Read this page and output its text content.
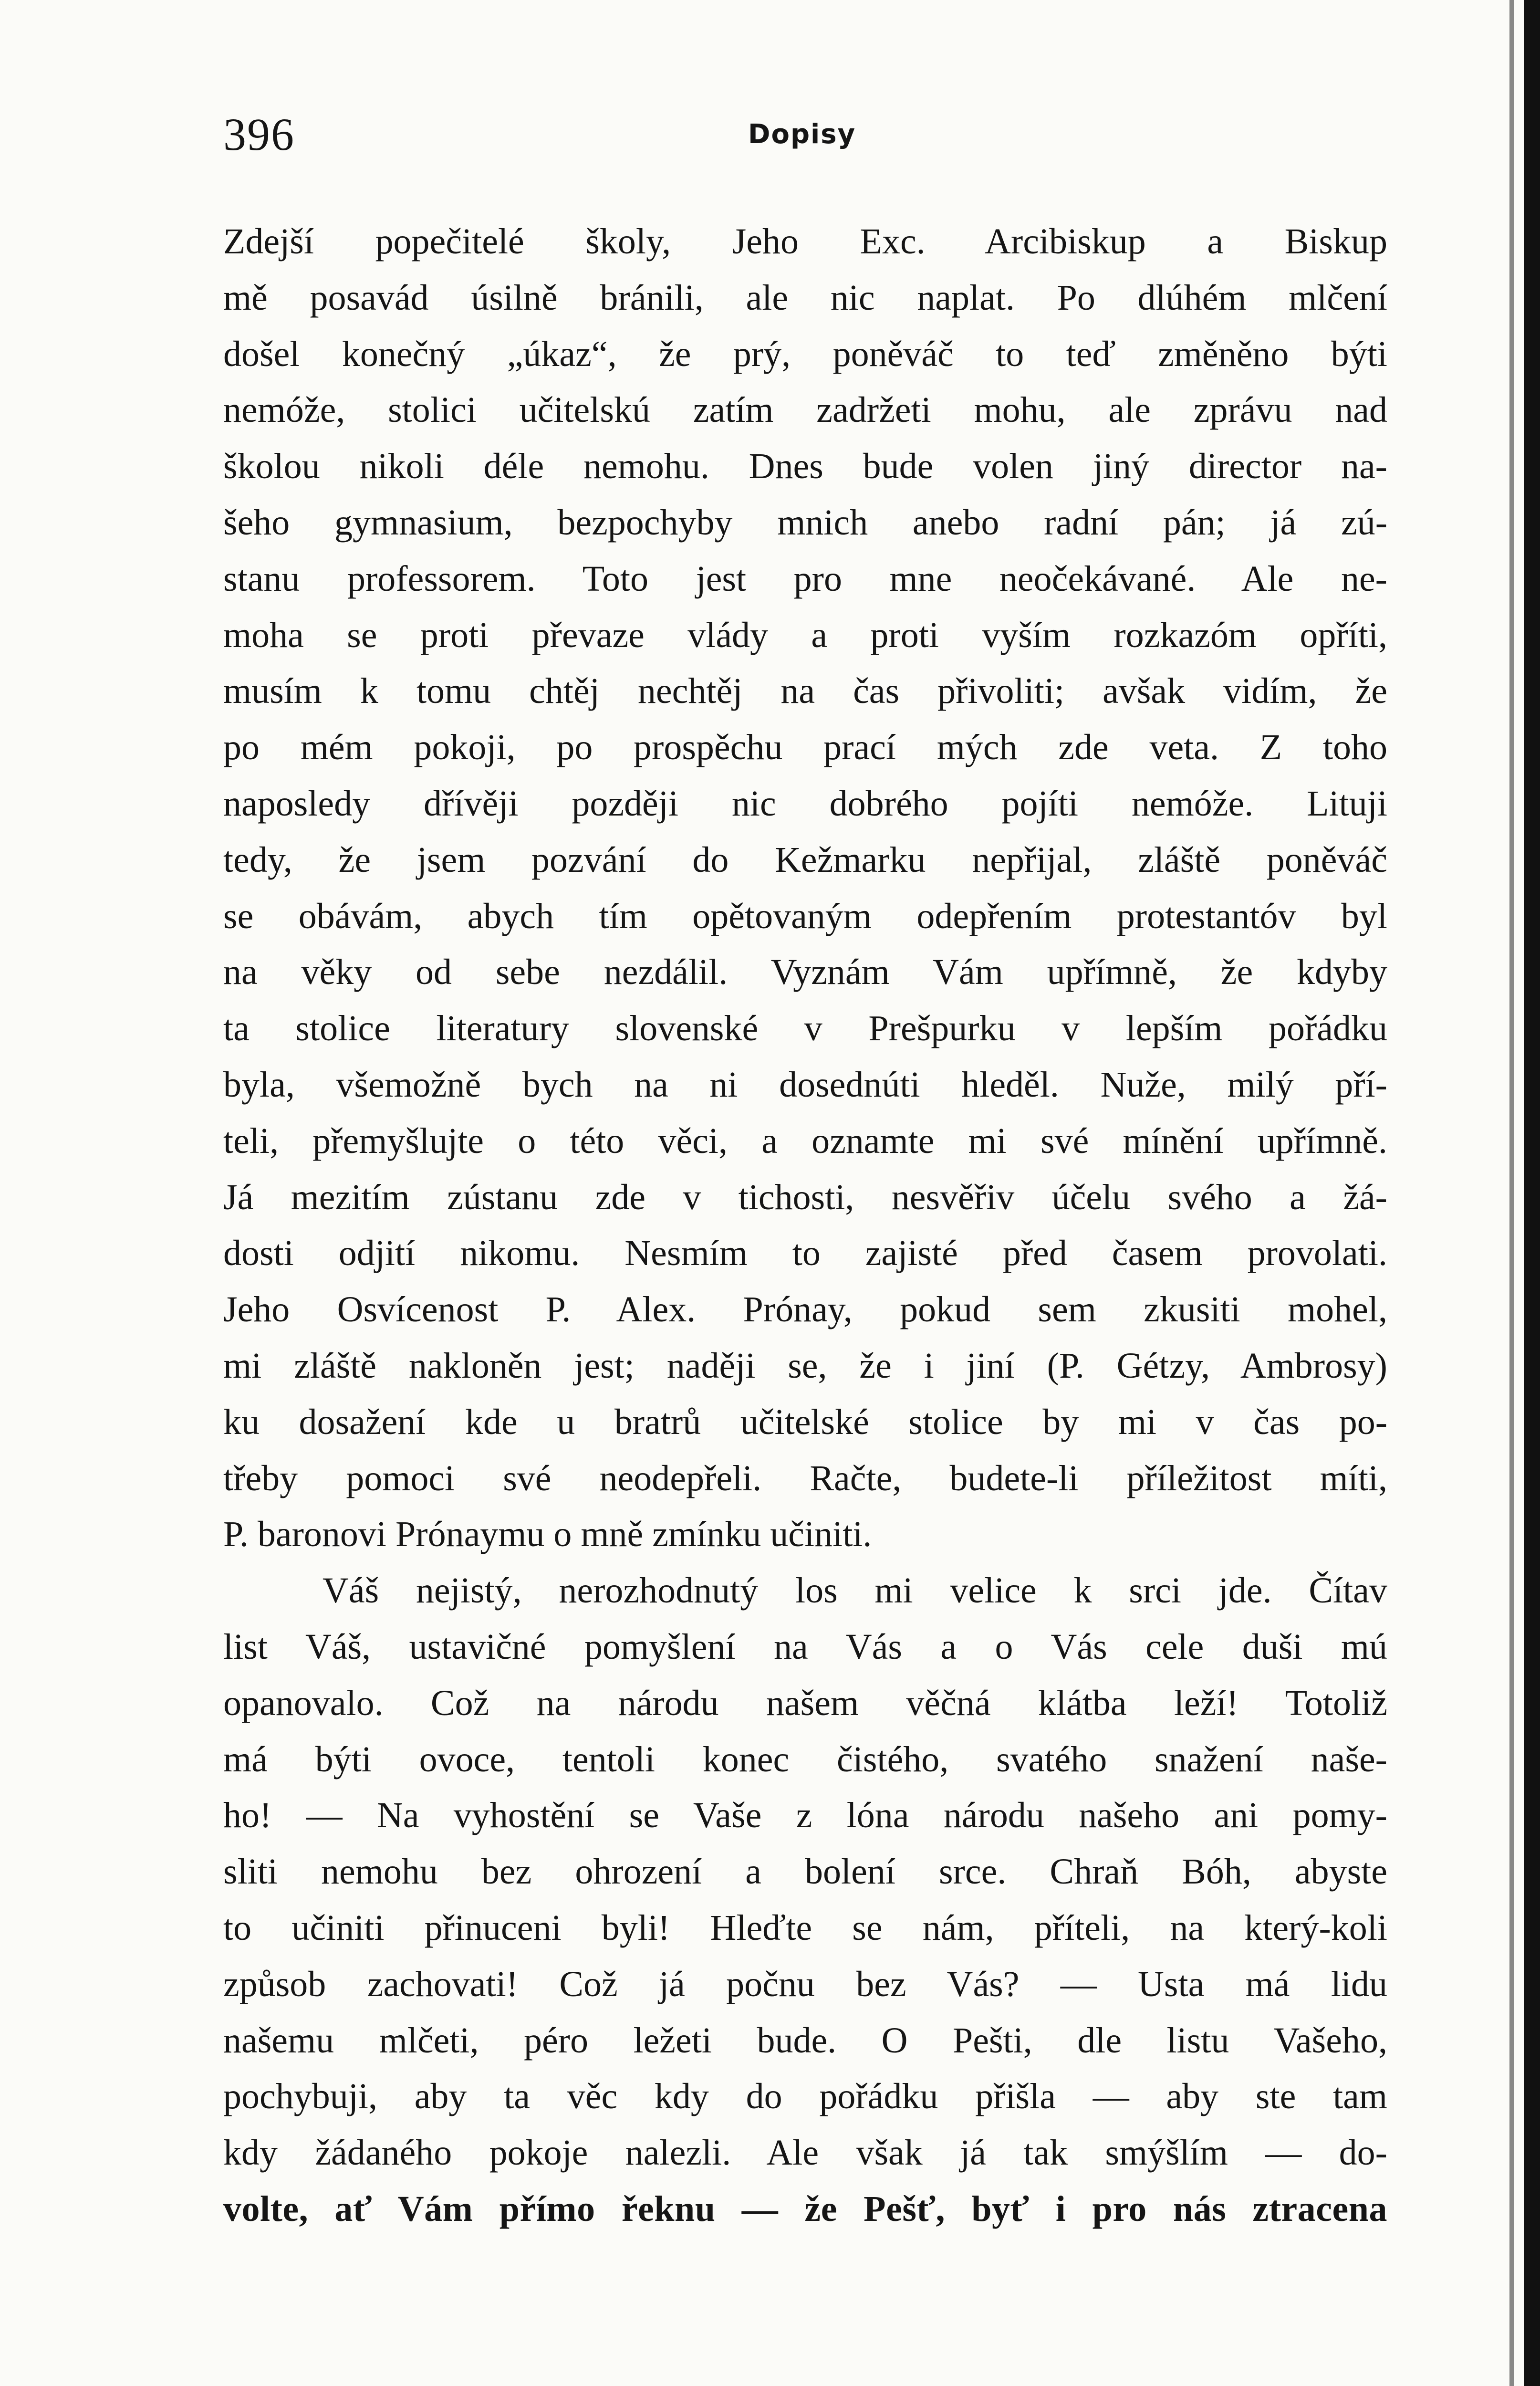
396	Dopisy
Zdejší popečitelé školy, Jeho Exc. Arcibiskup a Biskup
mě posavád úsilně bránili, ale nic naplat. Po dlúhém mlčení
došel konečný „úkaz“, že prý, poněváč to teď změněno býti
nemóže, stolici učitelskú zatím zadržeti mohu, ale zprávu nad
školou nikoli déle nemohu. Dnes bude volen jiný director na-
šeho gymnasium, bezpochyby mnich anebo radní pán; já zú-
stanu professorem. Toto jest pro mne neočekávané. Ale ne-
moha se proti převaze vlády a proti vyším rozkazóm opříti,
musím k tomu chtěj nechtěj na čas přivoliti; avšak vidím, že
po mém pokoji, po prospěchu prací mých zde veta. Z toho
naposledy dřívěji později nic dobrého pojíti nemóže. Lituji
tedy, že jsem pozvání do Kežmarku nepřijal, zláště poněváč
se obávám, abych tím opětovaným odepřením protestantóv byl
na věky od sebe nezdálil. Vyznám Vám upřímně, že kdyby
ta stolice literatury slovenské v Prešpurku v lepším pořádku
byla, všemožně bych na ni dosednúti hleděl. Nuže, milý pří-
teli, přemyšlujte o této věci, a oznamte mi své mínění upřímně.
Já mezitím zústanu zde v tichosti, nesvěřiv účelu svého a žá-
dosti odjití nikomu. Nesmím to zajisté před časem provolati.
Jeho Osvícenost P. Alex. Prónay, pokud sem zkusiti mohel,
mi zláště nakloněn jest; naději se, že i jiní (P. Gétzy, Ambrosy)
ku dosažení kde u bratrů učitelské stolice by mi v čas po-
třeby pomoci své neodepřeli. Račte, budete-li příležitost míti,
P. baronovi Prónaymu o mně zmínku učiniti.
Váš nejistý, nerozhodnutý los mi velice k srci jde. Čítav
list Váš, ustavičné pomyšlení na Vás a o Vás cele duši mú
opanovalo. Což na národu našem věčná klátba leží! Totoliž
má býti ovoce, tentoli konec čistého, svatého snažení naše-
ho! — Na vyhostění se Vaše z lóna národu našeho ani pomy-
sliti nemohu bez ohrození a bolení srce. Chraň Bóh, abyste
to učiniti přinuceni byli! Hleďte se nám, příteli, na který-koli
způsob zachovati! Což já počnu bez Vás? — Usta má lidu
našemu mlčeti, péro ležeti bude. O Pešti, dle listu Vašeho,
pochybuji, aby ta věc kdy do pořádku přišla — aby ste tam
kdy žádaného pokoje nalezli. Ale však já tak smýšlím — do-
volte, ať Vám přímo řeknu — že Pešť, byť i pro nás ztracena
